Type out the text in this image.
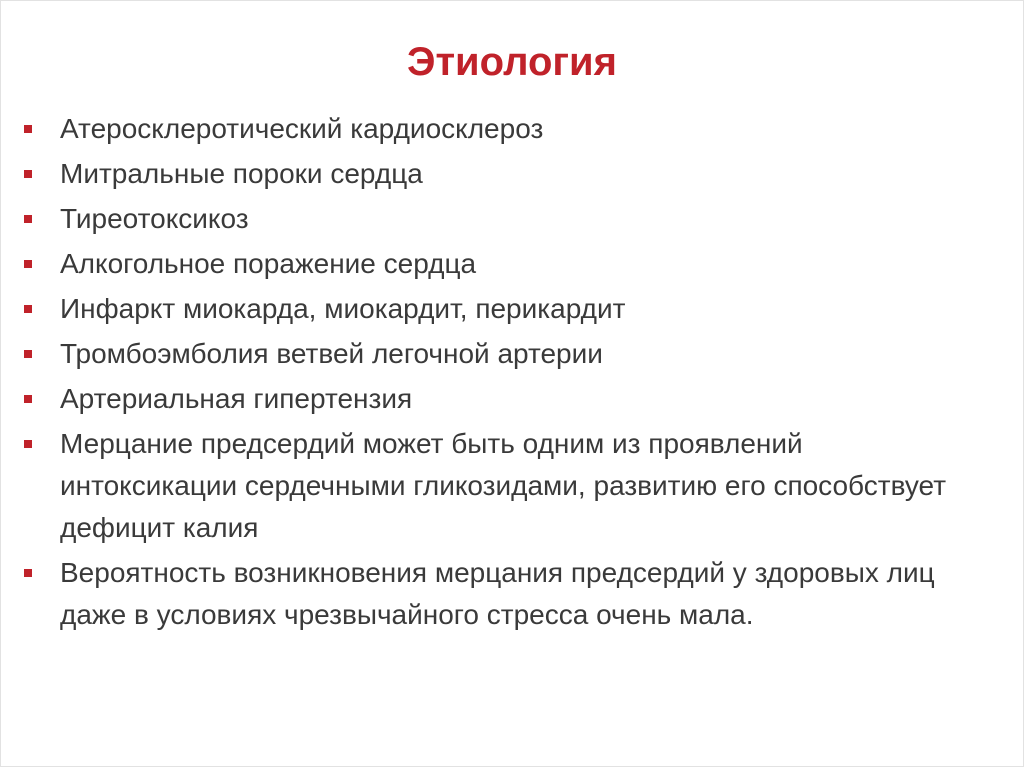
Этиология
Атеросклеротический кардиосклероз
Митральные пороки сердца
Тиреотоксикоз
Алкогольное поражение сердца
Инфаркт миокарда, миокардит, перикардит
Тромбоэмболия ветвей легочной артерии
Артериальная гипертензия
Мерцание предсердий может быть одним из проявлений интоксикации сердечными гликозидами, развитию его способствует дефицит калия
Вероятность возникновения мерцания предсердий у здоровых лиц даже в условиях чрезвычайного стресса очень мала.
